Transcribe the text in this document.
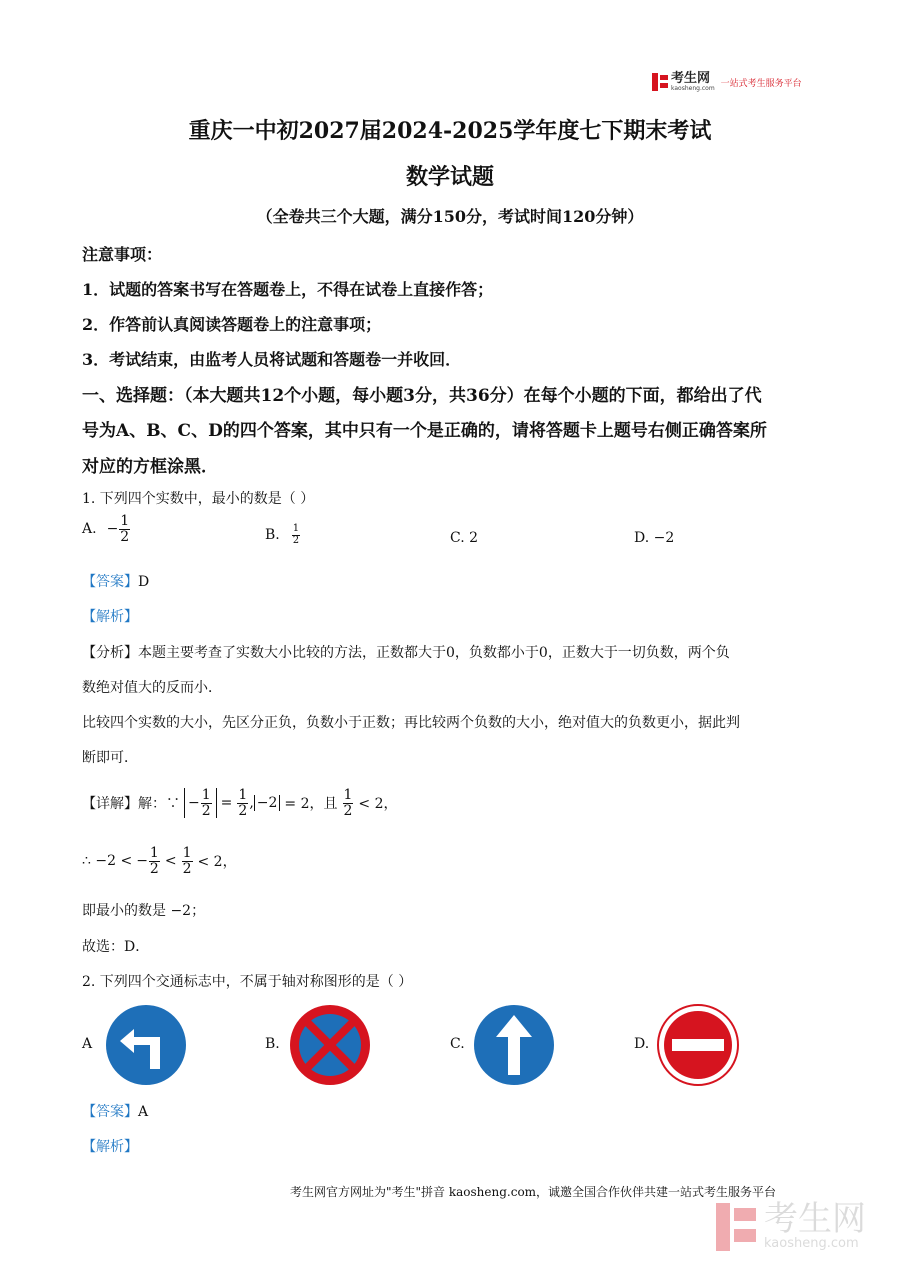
考生网
kaosheng.com 一站式考生服务平台
重庆一中初2027届2024-2025学年度七下期末考试
数学试题
（全卷共三个大题，满分150分，考试时间120分钟）
注意事项：
1．试题的答案书写在答题卷上，不得在试卷上直接作答；
2．作答前认真阅读答题卷上的注意事项；
3．考试结束，由监考人员将试题和答题卷一并收回．
一、选择题：（本大题共12个小题，每小题3分，共36分）在每个小题的下面，都给出了代
号为A、B、C、D的四个答案，其中只有一个是正确的，请将答题卡上题号右侧正确答案所
对应的方框涂黑．
1. 下列四个实数中，最小的数是（ ）
A. − $\frac{1}{2}$	B. $\frac{1}{2}$	C. 2	D. −2
【答案】D
【解析】
【分析】本题主要考查了实数大小比较的方法，正数都大于0，负数都小于0，正数大于一切负数，两个负
数绝对值大的反而小．
比较四个实数的大小，先区分正负，负数小于正数；再比较两个负数的大小，绝对值大的负数更小，据此判
断即可．
【详解】 解：∵ − $\frac{1}{2} = \frac{1}{2}$ , −2 = 2，且 $\frac{1}{2} < 2$，
∴ −2 < − $\frac{1}{2} < \frac{1}{2} < 2$，
即最小的数是 −2；
故选：D．
2. 下列四个交通标志中，不属于轴对称图形的是（ ）
A	B.	C.	D.
【答案】A
【解析】
考生网官方网址为"考生"拼音 kaosheng.com，诚邀全国合作伙伴共建一站式考生服务平台
考生网
kaosheng.com
